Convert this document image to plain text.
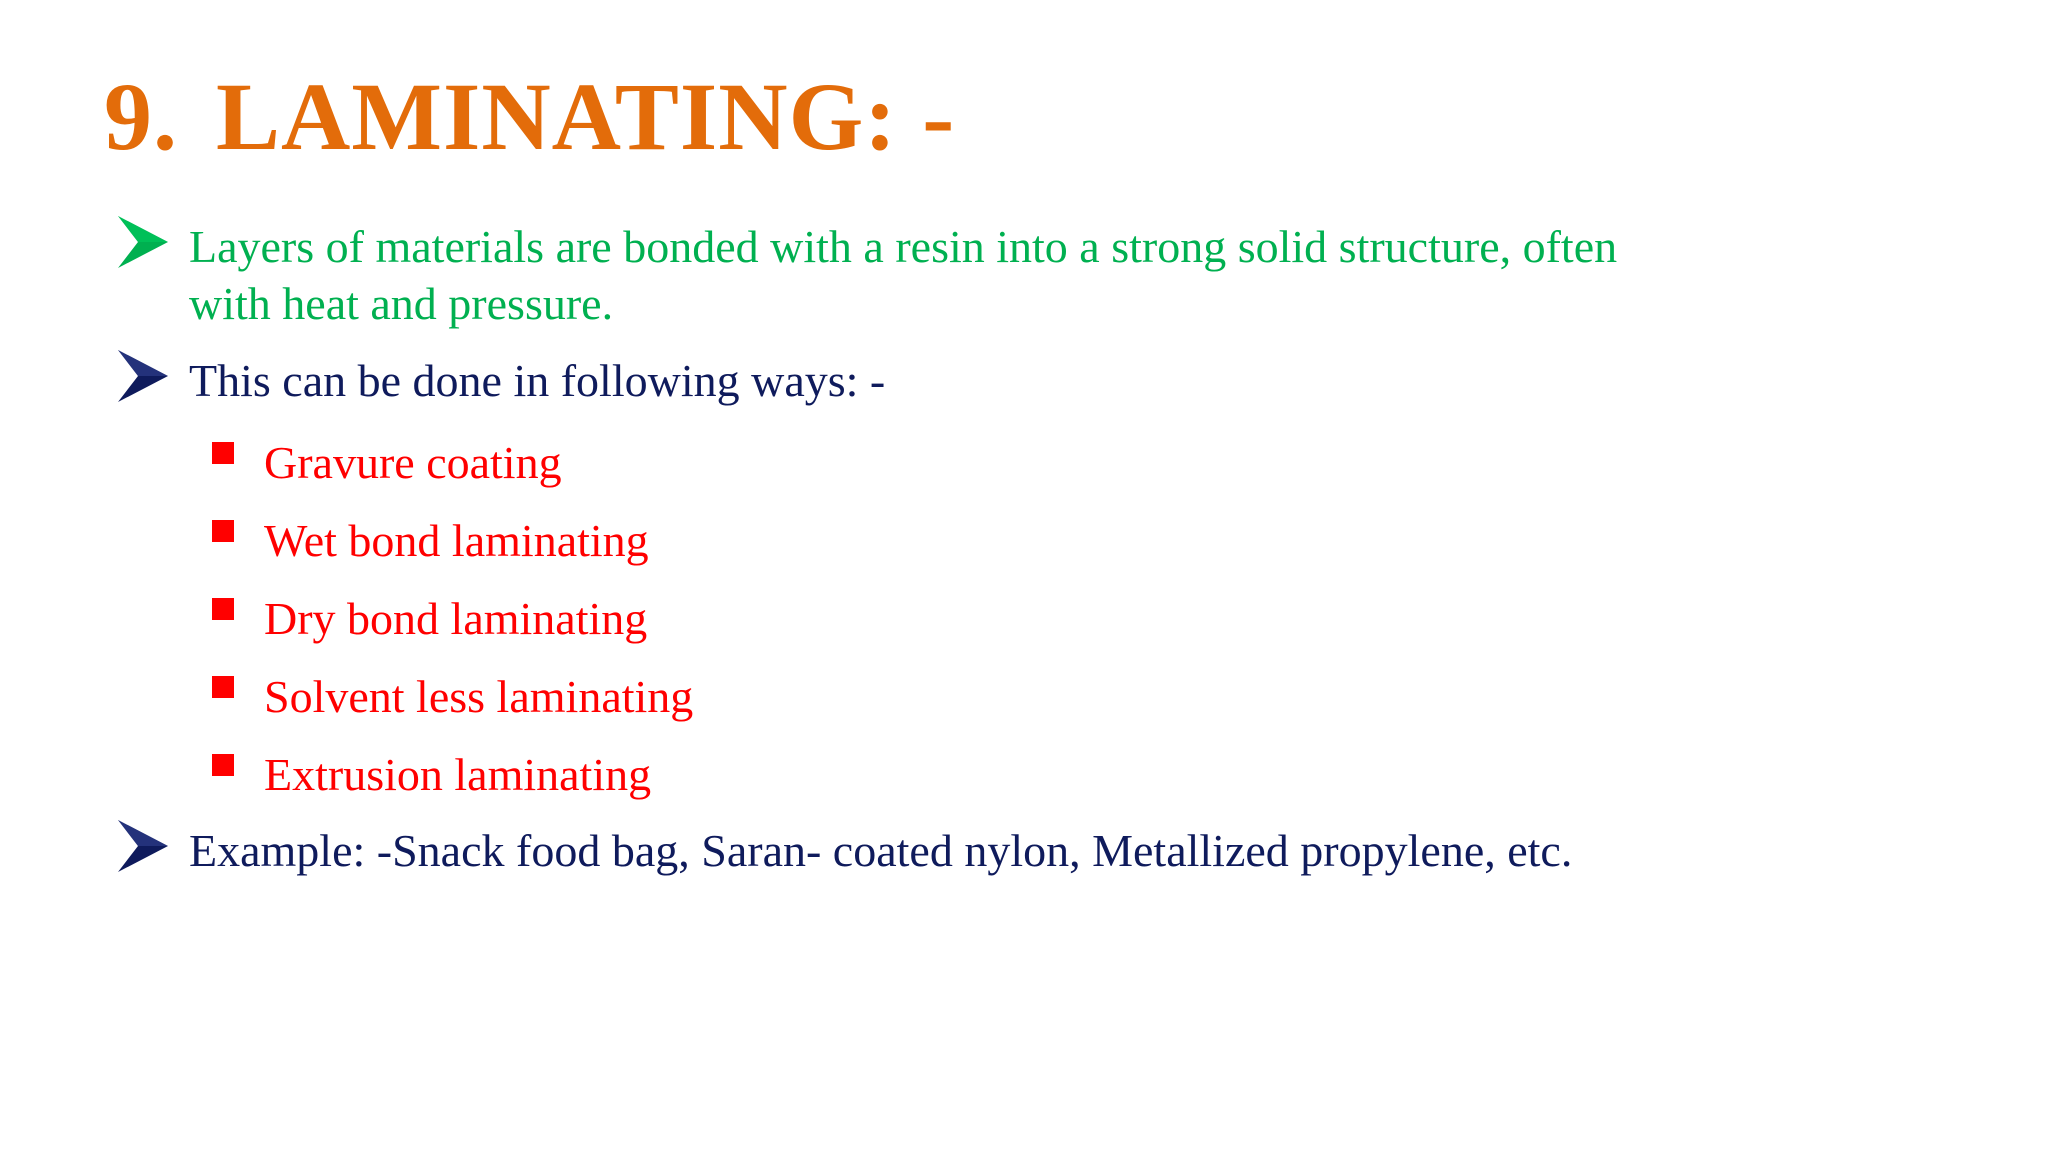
9. LAMINATING: -
Layers of materials are bonded with a resin into a strong solid structure, often
with heat and pressure.
This can be done in following ways: -
Gravure coating
Wet bond laminating
Dry bond laminating
Solvent less laminating
Extrusion laminating
Example: -Snack food bag, Saran- coated nylon, Metallized propylene, etc.
